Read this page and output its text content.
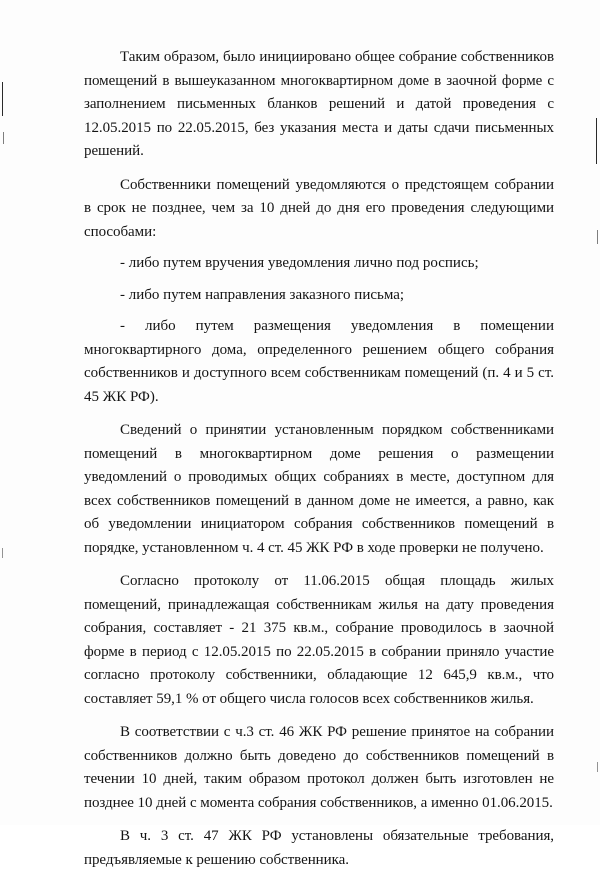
Таким образом, было инициировано общее собрание собственников помещений в вышеуказанном многоквартирном доме в заочной форме с заполнением письменных бланков решений и датой проведения с 12.05.2015 по 22.05.2015, без указания места и даты сдачи письменных решений.

Собственники помещений уведомляются о предстоящем собрании в срок не позднее, чем за 10 дней до дня его проведения следующими способами:

- либо путем вручения уведомления лично под роспись;

- либо путем направления заказного письма;

- либо путем размещения уведомления в помещении многоквартирного дома, определенного решением общего собрания собственников и доступного всем собственникам помещений (п. 4 и 5 ст. 45 ЖК РФ).

Сведений о принятии установленным порядком собственниками помещений в многоквартирном доме решения о размещении уведомлений о проводимых общих собраниях в месте, доступном для всех собственников помещений в данном доме не имеется, а равно, как об уведомлении инициатором собрания собственников помещений в порядке, установленном ч. 4 ст. 45 ЖК РФ в ходе проверки не получено.

Согласно протоколу от 11.06.2015 общая площадь жилых помещений, принадлежащая собственникам жилья на дату проведения собрания, составляет - 21 375 кв.м., собрание проводилось в заочной форме в период с 12.05.2015 по 22.05.2015 в собрании приняло участие согласно протоколу собственники, обладающие 12 645,9 кв.м., что составляет 59,1 % от общего числа голосов всех собственников жилья.

В соответствии с ч.3 ст. 46 ЖК РФ решение принятое на собрании собственников должно быть доведено до собственников помещений в течении 10 дней, таким образом протокол должен быть изготовлен не позднее 10 дней с момента собрания собственников, а именно 01.06.2015.

В ч. 3 ст. 47 ЖК РФ установлены обязательные требования, предъявляемые к решению собственника.
